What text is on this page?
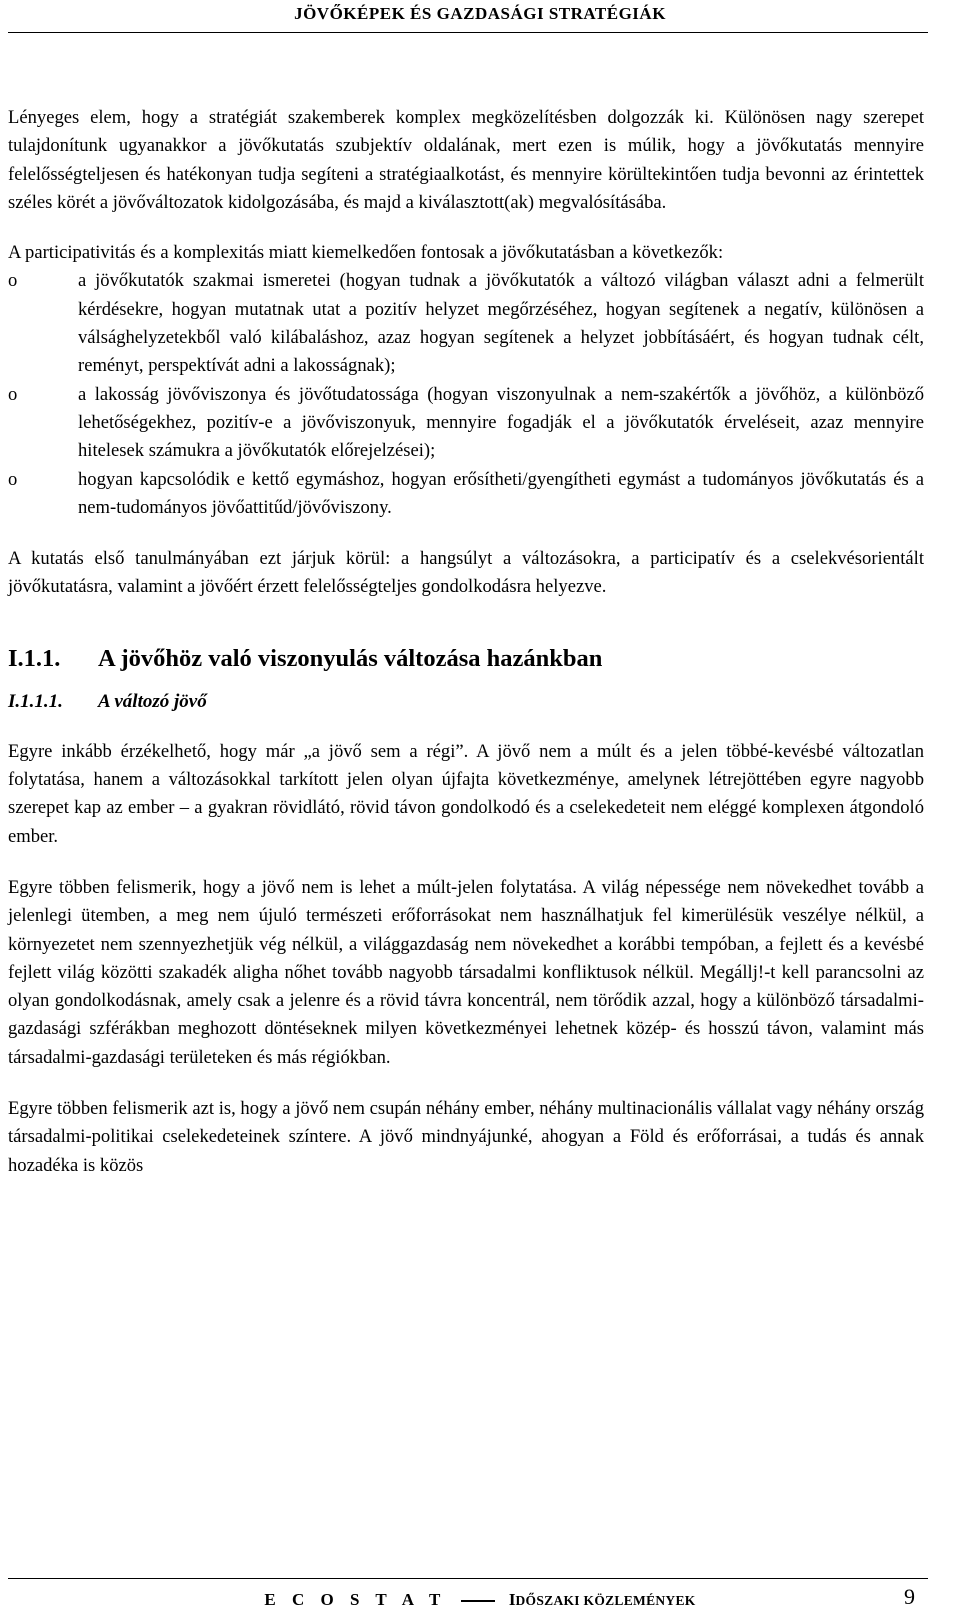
JÖVŐKÉPEK ÉS GAZDASÁGI STRATÉGIÁK

Lényeges elem, hogy a stratégiát szakemberek komplex megközelítésben dolgozzák ki. Különösen nagy szerepet tulajdonítunk ugyanakkor a jövőkutatás szubjektív oldalának, mert ezen is múlik, hogy a jövőkutatás mennyire felelősségteljesen és hatékonyan tudja segíteni a stratégiaalkotást, és mennyire körültekintően tudja bevonni az érintettek széles körét a jövőváltozatok kidolgozásába, és majd a kiválasztott(ak) megvalósításába.

A participativitás és a komplexitás miatt kiemelkedően fontosak a jövőkutatásban a következők:

o	a jövőkutatók szakmai ismeretei (hogyan tudnak a jövőkutatók a változó világban választ adni a felmerült kérdésekre, hogyan mutatnak utat a pozitív helyzet megőrzéséhez, hogyan segítenek a negatív, különösen a válsághelyzetekből való kilábaláshoz, azaz hogyan segítenek a helyzet jobbításáért, és hogyan tudnak célt, reményt, perspektívát adni a lakosságnak);
o	a lakosság jövőviszonya és jövőtudatossága (hogyan viszonyulnak a nem-szakértők a jövőhöz, a különböző lehetőségekhez, pozitív-e a jövőviszonyuk, mennyire fogadják el a jövőkutatók érveléseit, azaz mennyire hitelesek számukra a jövőkutatók előrejelzései);
o	hogyan kapcsolódik e kettő egymáshoz, hogyan erősítheti/gyengítheti egymást a tudományos jövőkutatás és a nem-tudományos jövőattitűd/jövőviszony.

A kutatás első tanulmányában ezt járjuk körül: a hangsúlyt a változásokra, a participatív és a cselekvésorientált jövőkutatásra, valamint a jövőért érzett felelősségteljes gondolkodásra helyezve.

I.1.1.	A jövőhöz való viszonyulás változása hazánkban
I.1.1.1.	A változó jövő

Egyre inkább érzékelhető, hogy már „a jövő sem a régi”. A jövő nem a múlt és a jelen többé-kevésbé változatlan folytatása, hanem a változásokkal tarkított jelen olyan újfajta következménye, amelynek létrejöttében egyre nagyobb szerepet kap az ember – a gyakran rövidlátó, rövid távon gondolkodó és a cselekedeteit nem eléggé komplexen átgondoló ember.

Egyre többen felismerik, hogy a jövő nem is lehet a múlt-jelen folytatása. A világ népessége nem növekedhet tovább a jelenlegi ütemben, a meg nem újuló természeti erőforrásokat nem használhatjuk fel kimerülésük veszélye nélkül, a környezetet nem szennyezhetjük vég nélkül, a világgazdaság nem növekedhet a korábbi tempóban, a fejlett és a kevésbé fejlett világ közötti szakadék aligha nőhet tovább nagyobb társadalmi konfliktusok nélkül. Megállj!-t kell parancsolni az olyan gondolkodásnak, amely csak a jelenre és a rövid távra koncentrál, nem törődik azzal, hogy a különböző társadalmi-gazdasági szférákban meghozott döntéseknek milyen következményei lehetnek közép- és hosszú távon, valamint más társadalmi-gazdasági területeken és más régiókban.

Egyre többen felismerik azt is, hogy a jövő nem csupán néhány ember, néhány multinacionális vállalat vagy néhány ország társadalmi-politikai cselekedeteinek színtere. A jövő mindnyájunké, ahogyan a Föld és erőforrásai, a tudás és annak hozadéka is közös

E C O S T A T	IDŐSZAKI KÖZLEMÉNYEK	9
